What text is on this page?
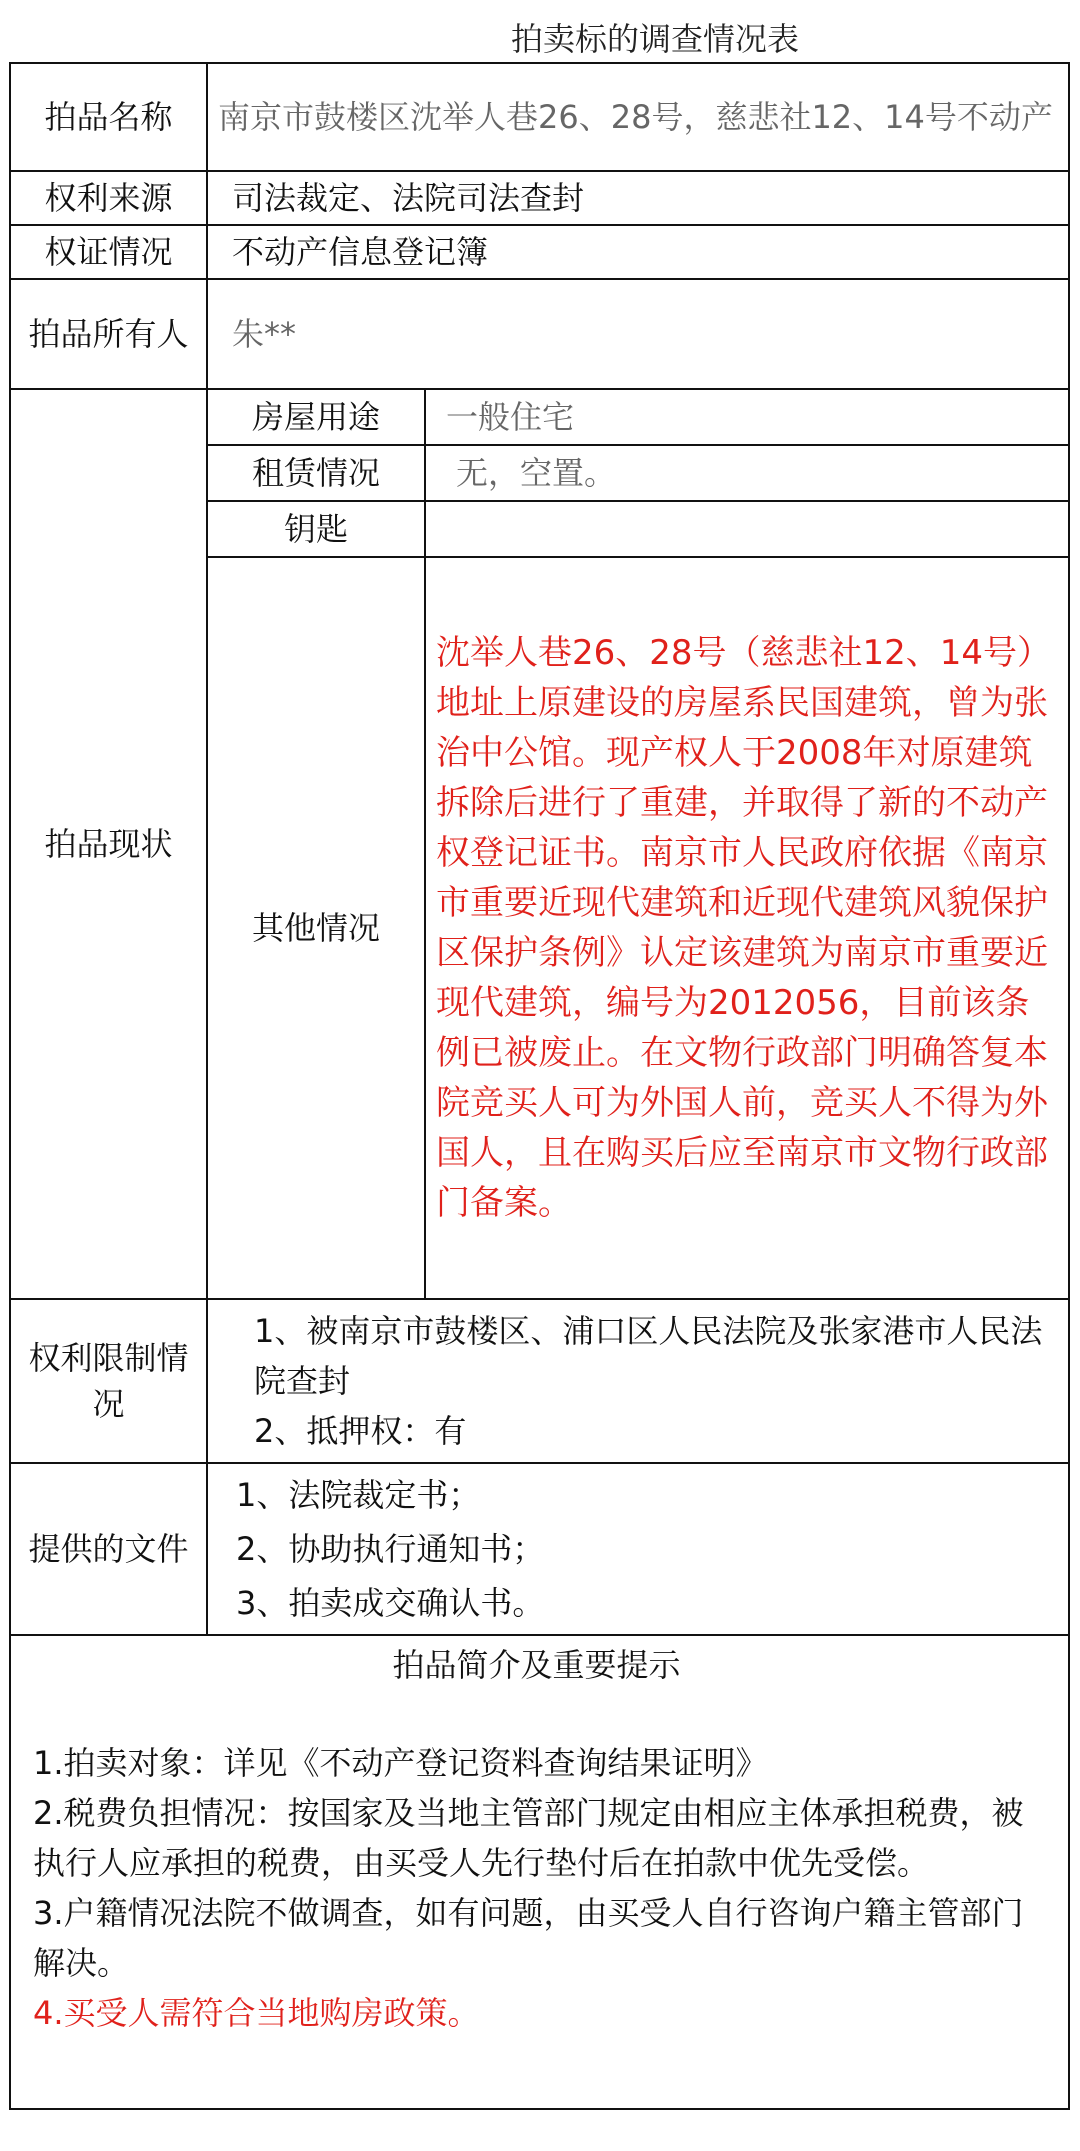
拍卖标的调查情况表
拍品名称	南京市鼓楼区沈举人巷26、28号，慈悲社12、14号不动产	
权利来源	司法裁定、法院司法查封	
权证情况	不动产信息登记簿	
拍品所有人	朱**	
拍品现状	房屋用途	一般住宅
	租赁情况	无，空置。
	钥匙	
	其他情况	沈举人巷26、28号（慈悲社12、14号）地址上原建设的房屋系民国建筑，曾为张治中公馆。现产权人于2008年对原建筑拆除后进行了重建，并取得了新的不动产权登记证书。南京市人民政府依据《南京市重要近现代建筑和近现代建筑风貌保护区保护条例》认定该建筑为南京市重要近现代建筑，编号为2012056，目前该条例已被废止。在文物行政部门明确答复本院竞买人可为外国人前，竞买人不得为外国人，且在购买后应至南京市文物行政部门备案。
权利限制情况	1、被南京市鼓楼区、浦口区人民法院及张家港市人民法院查封
2、抵押权：有	

提供的文件	1、法院裁定书；
2、协助执行通知书；
3、拍卖成交确认书。	

拍品简介及重要提示

1.拍卖对象：详见《不动产登记资料查询结果证明》

2.税费负担情况：按国家及当地主管部门规定由相应主体承担税费，被执行人应承担的税费，由买受人先行垫付后在拍款中优先受偿。

3.户籍情况法院不做调查，如有问题，由买受人自行咨询户籍主管部门解决。

4.买受人需符合当地购房政策。		
